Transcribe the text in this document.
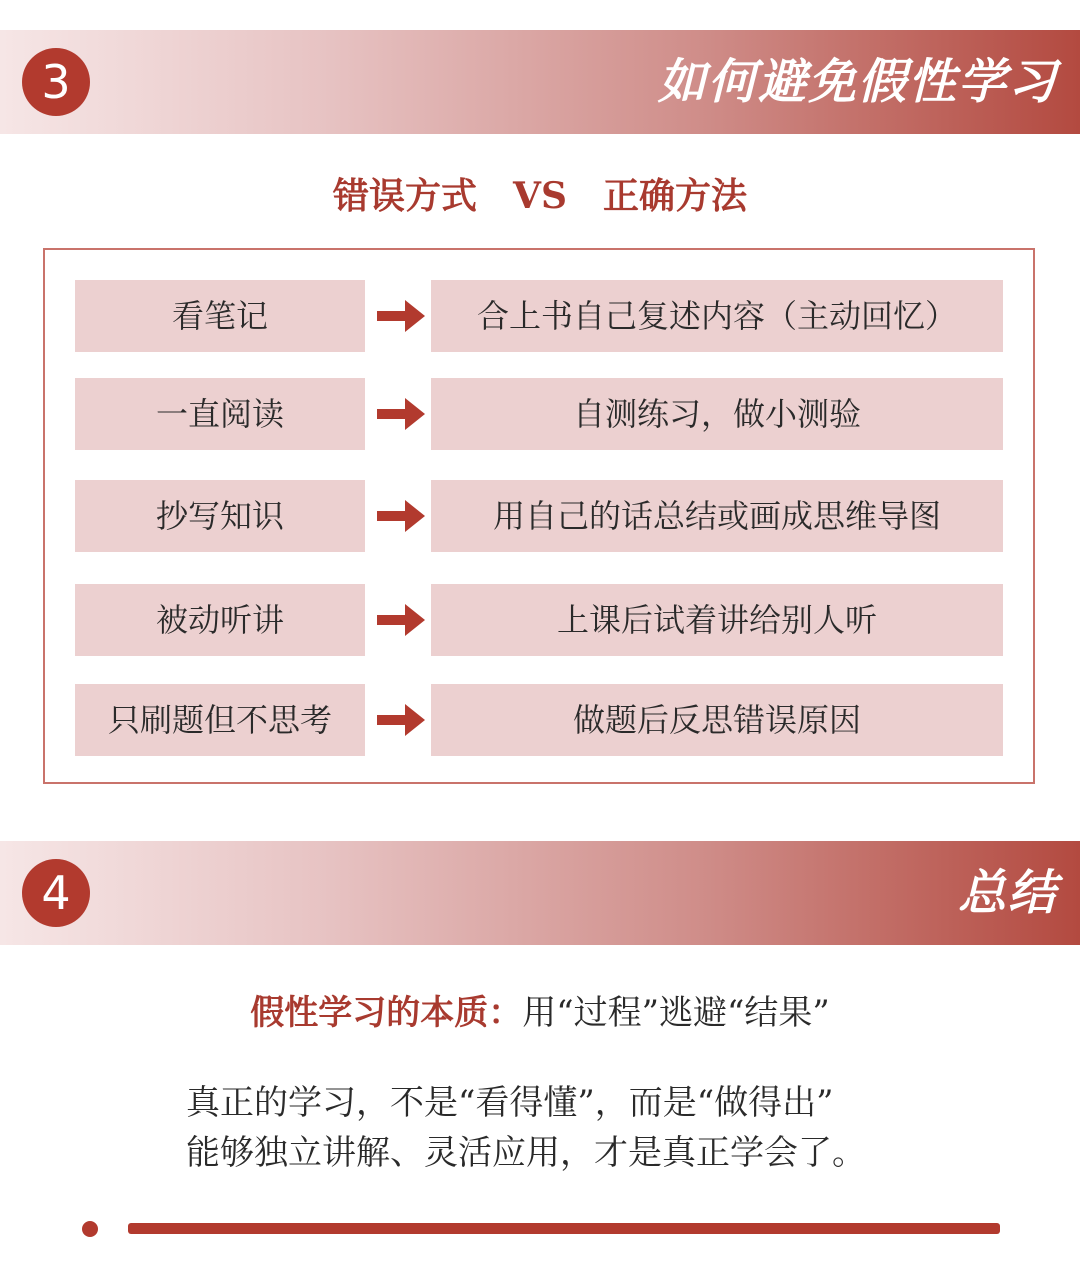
3	如何避免假性学习
错误方式　VS　正确方法
看笔记	合上书自己复述内容（主动回忆）
一直阅读	自测练习，做小测验
抄写知识	用自己的话总结或画成思维导图
被动听讲	上课后试着讲给别人听
只刷题但不思考	做题后反思错误原因
4	总结
假性学习的本质：用“过程”逃避“结果”
真正的学习，不是“看得懂”，而是“做得出”
能够独立讲解、灵活应用，才是真正学会了。
